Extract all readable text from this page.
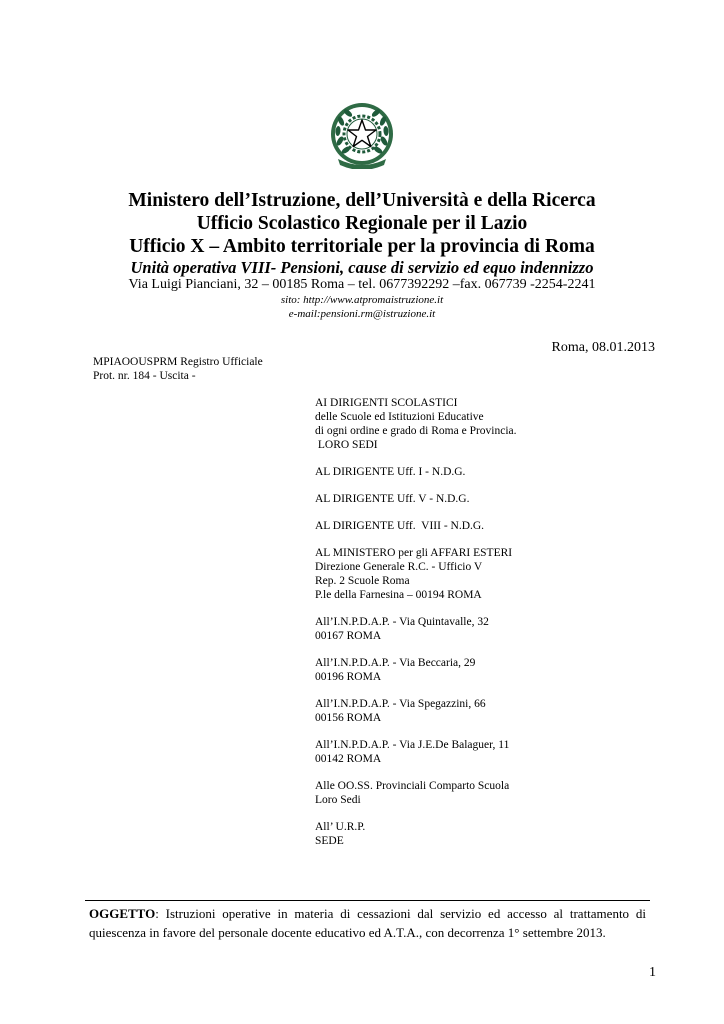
Ministero dell’Istruzione, dell’Università e della Ricerca
Ufficio Scolastico Regionale per il Lazio
Ufficio X – Ambito territoriale per la provincia di Roma
Unità operativa VIII- Pensioni, cause di servizio ed equo indennizzo
Via Luigi Pianciani, 32 – 00185 Roma – tel. 0677392292 –fax. 067739 -2254-2241
sito: http://www.atpromaistruzione.it
e-mail:pensioni.rm@istruzione.it
Roma, 08.01.2013
MPIAOOUSPRM Registro Ufficiale
Prot. nr. 184 - Uscita -
AI DIRIGENTI SCOLASTICI
delle Scuole ed Istituzioni Educative
di ogni ordine e grado di Roma e Provincia.
LORO SEDI
AL DIRIGENTE Uff. I - N.D.G.
AL DIRIGENTE Uff. V - N.D.G.
AL DIRIGENTE Uff.  VIII - N.D.G.
AL MINISTERO per gli AFFARI ESTERI
Direzione Generale R.C. - Ufficio V
Rep. 2 Scuole Roma
P.le della Farnesina – 00194 ROMA
All’I.N.P.D.A.P. - Via Quintavalle, 32
00167 ROMA
All’I.N.P.D.A.P. - Via Beccaria, 29
00196 ROMA
All’I.N.P.D.A.P. - Via Spegazzini, 66
00156 ROMA
All’I.N.P.D.A.P. - Via J.E.De Balaguer, 11
00142 ROMA
Alle OO.SS. Provinciali Comparto Scuola
Loro Sedi
All’ U.R.P.
SEDE
OGGETTO: Istruzioni operative in materia di cessazioni dal servizio ed accesso al trattamento di
quiescenza in favore del personale docente educativo ed A.T.A., con decorrenza 1° settembre 2013.
1
